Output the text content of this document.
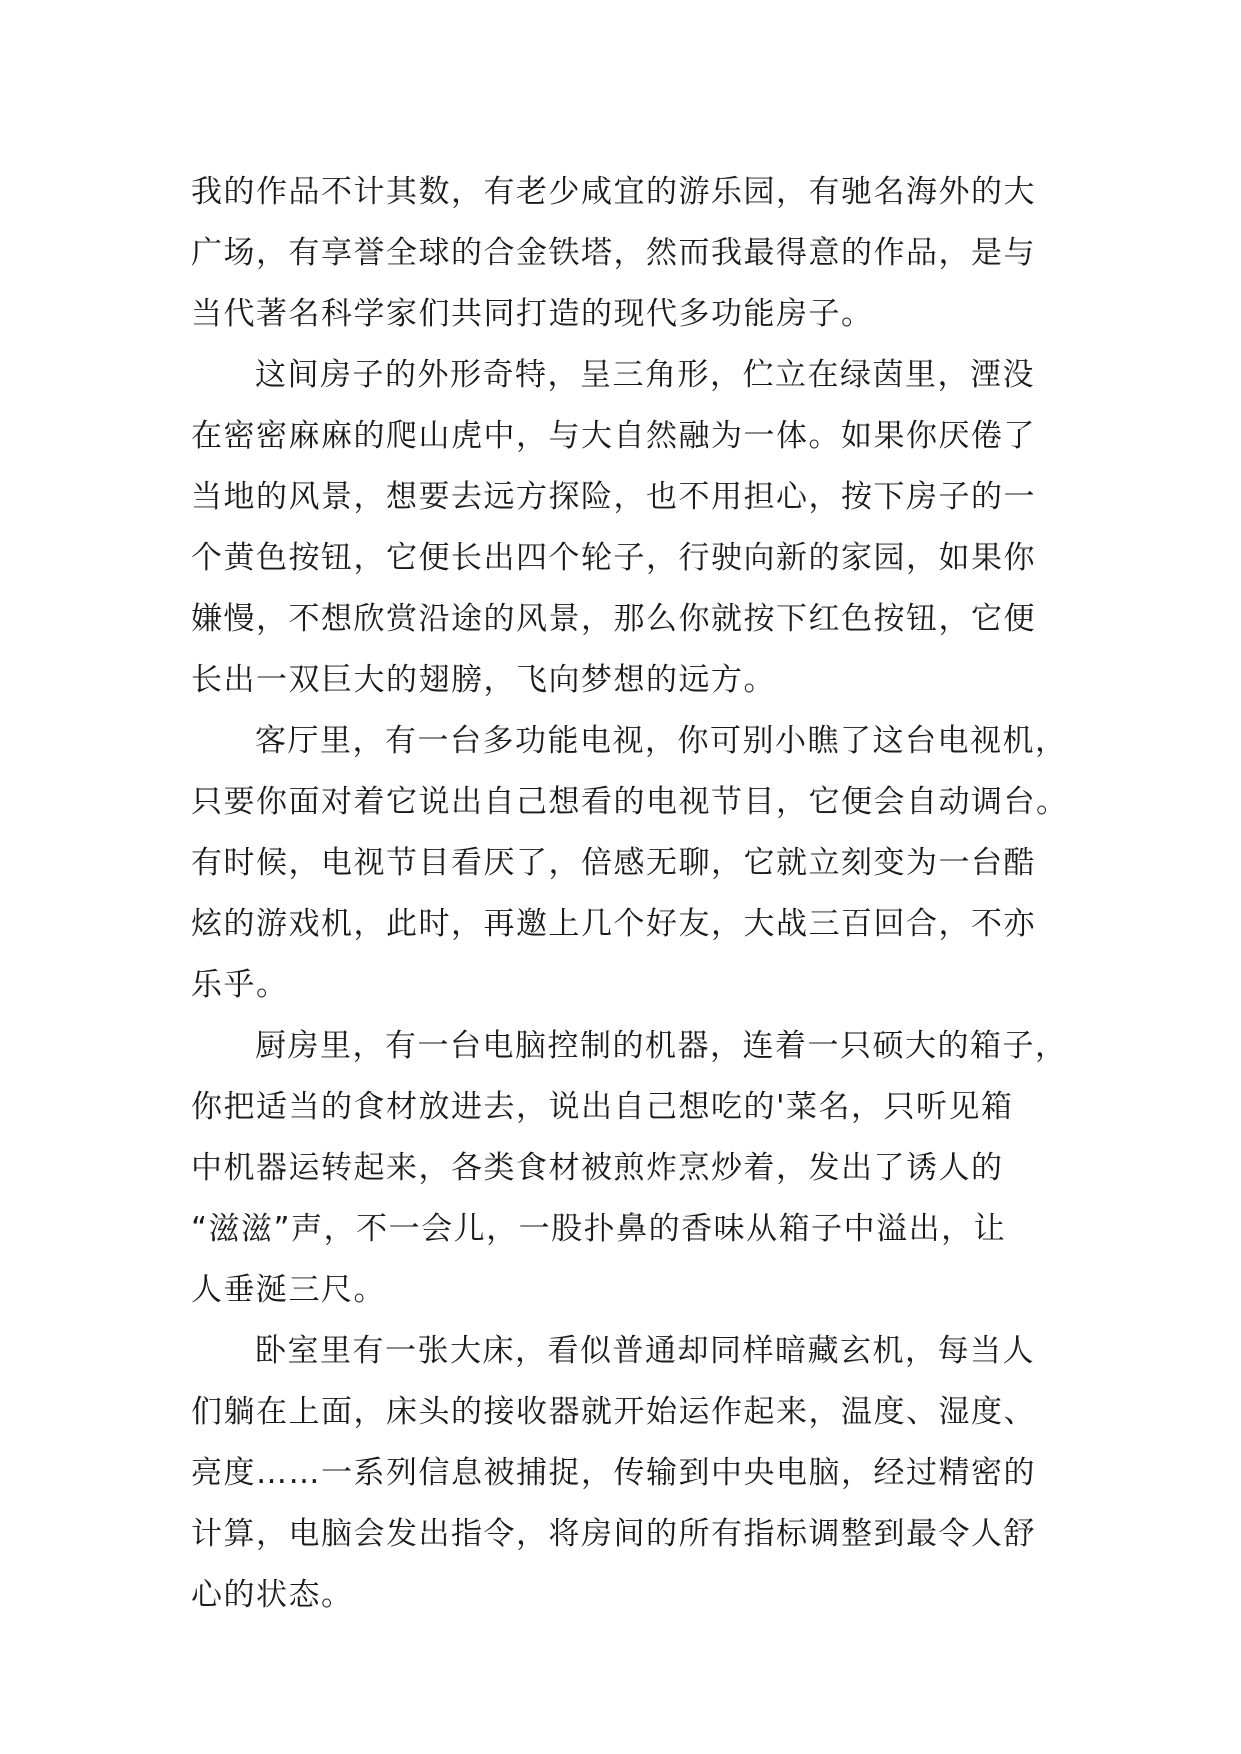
我的作品不计其数，有老少咸宜的游乐园，有驰名海外的大
广场，有享誉全球的合金铁塔，然而我最得意的作品，是与
当代著名科学家们共同打造的现代多功能房子。
这间房子的外形奇特，呈三角形，伫立在绿茵里，湮没
在密密麻麻的爬山虎中，与大自然融为一体。如果你厌倦了
当地的风景，想要去远方探险，也不用担心，按下房子的一
个黄色按钮，它便长出四个轮子，行驶向新的家园，如果你
嫌慢，不想欣赏沿途的风景，那么你就按下红色按钮，它便
长出一双巨大的翅膀，飞向梦想的远方。
客厅里，有一台多功能电视，你可别小瞧了这台电视机，
只要你面对着它说出自己想看的电视节目，它便会自动调台。
有时候，电视节目看厌了，倍感无聊，它就立刻变为一台酷
炫的游戏机，此时，再邀上几个好友，大战三百回合，不亦
乐乎。
厨房里，有一台电脑控制的机器，连着一只硕大的箱子，
你把适当的食材放进去，说出自己想吃的'菜名，只听见箱
中机器运转起来，各类食材被煎炸烹炒着，发出了诱人的
“滋滋”声，不一会儿，一股扑鼻的香味从箱子中溢出，让
人垂涎三尺。
卧室里有一张大床，看似普通却同样暗藏玄机，每当人
们躺在上面，床头的接收器就开始运作起来，温度、湿度、
亮度……一系列信息被捕捉，传输到中央电脑，经过精密的
计算，电脑会发出指令，将房间的所有指标调整到最令人舒
心的状态。
